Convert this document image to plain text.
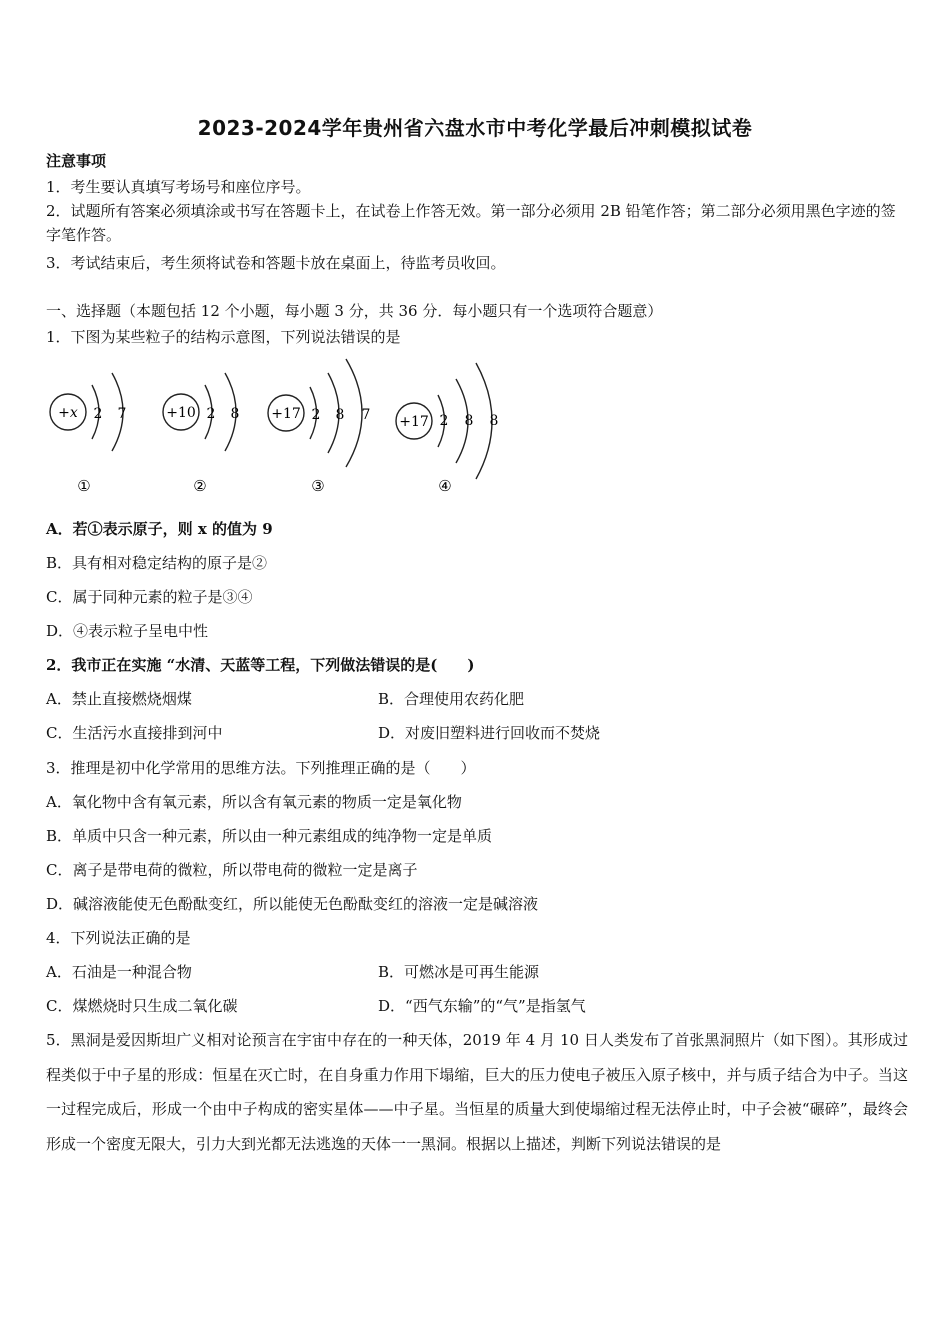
2023-2024学年贵州省六盘水市中考化学最后冲刺模拟试卷
注意事项
1．考生要认真填写考场号和座位序号。
2．试题所有答案必须填涂或书写在答题卡上，在试卷上作答无效。第一部分必须用 2B 铅笔作答；第二部分必须用黑色字迹的签字笔作答。
3．考试结束后，考生须将试卷和答题卡放在桌面上，待监考员收回。
一、选择题（本题包括 12 个小题，每小题 3 分，共 36 分．每小题只有一个选项符合题意）
1．下图为某些粒子的结构示意图，下列说法错误的是
+x 2 7
①
+10 2 8
②
+17 2 8 7
③
+17 2 8 8
④
A．若①表示原子，则 x 的值为 9
B．具有相对稳定结构的原子是②
C．属于同种元素的粒子是③④
D．④表示粒子呈电中性
2．我市正在实施 “水清、天蓝等工程，下列做法错误的是(　　)
A．禁止直接燃烧烟煤	B．合理使用农药化肥
C．生活污水直接排到河中	D．对废旧塑料进行回收而不焚烧
3．推理是初中化学常用的思维方法。下列推理正确的是（　　）
A．氧化物中含有氧元素，所以含有氧元素的物质一定是氧化物
B．单质中只含一种元素，所以由一种元素组成的纯净物一定是单质
C．离子是带电荷的微粒，所以带电荷的微粒一定是离子
D．碱溶液能使无色酚酞变红，所以能使无色酚酞变红的溶液一定是碱溶液
4．下列说法正确的是
A．石油是一种混合物	B．可燃冰是可再生能源
C．煤燃烧时只生成二氧化碳	D．“西气东输”的“气”是指氢气
5．黑洞是爱因斯坦广义相对论预言在宇宙中存在的一种天体，2019 年 4 月 10 日人类发布了首张黑洞照片（如下图）。其形成过程类似于中子星的形成：恒星在灭亡时，在自身重力作用下塌缩，巨大的压力使电子被压入原子核中，并与质子结合为中子。当这一过程完成后，形成一个由中子构成的密实星体——中子星。当恒星的质量大到使塌缩过程无法停止时，中子会被“碾碎”，最终会形成一个密度无限大，引力大到光都无法逃逸的天体一一黑洞。根据以上描述，判断下列说法错误的是
